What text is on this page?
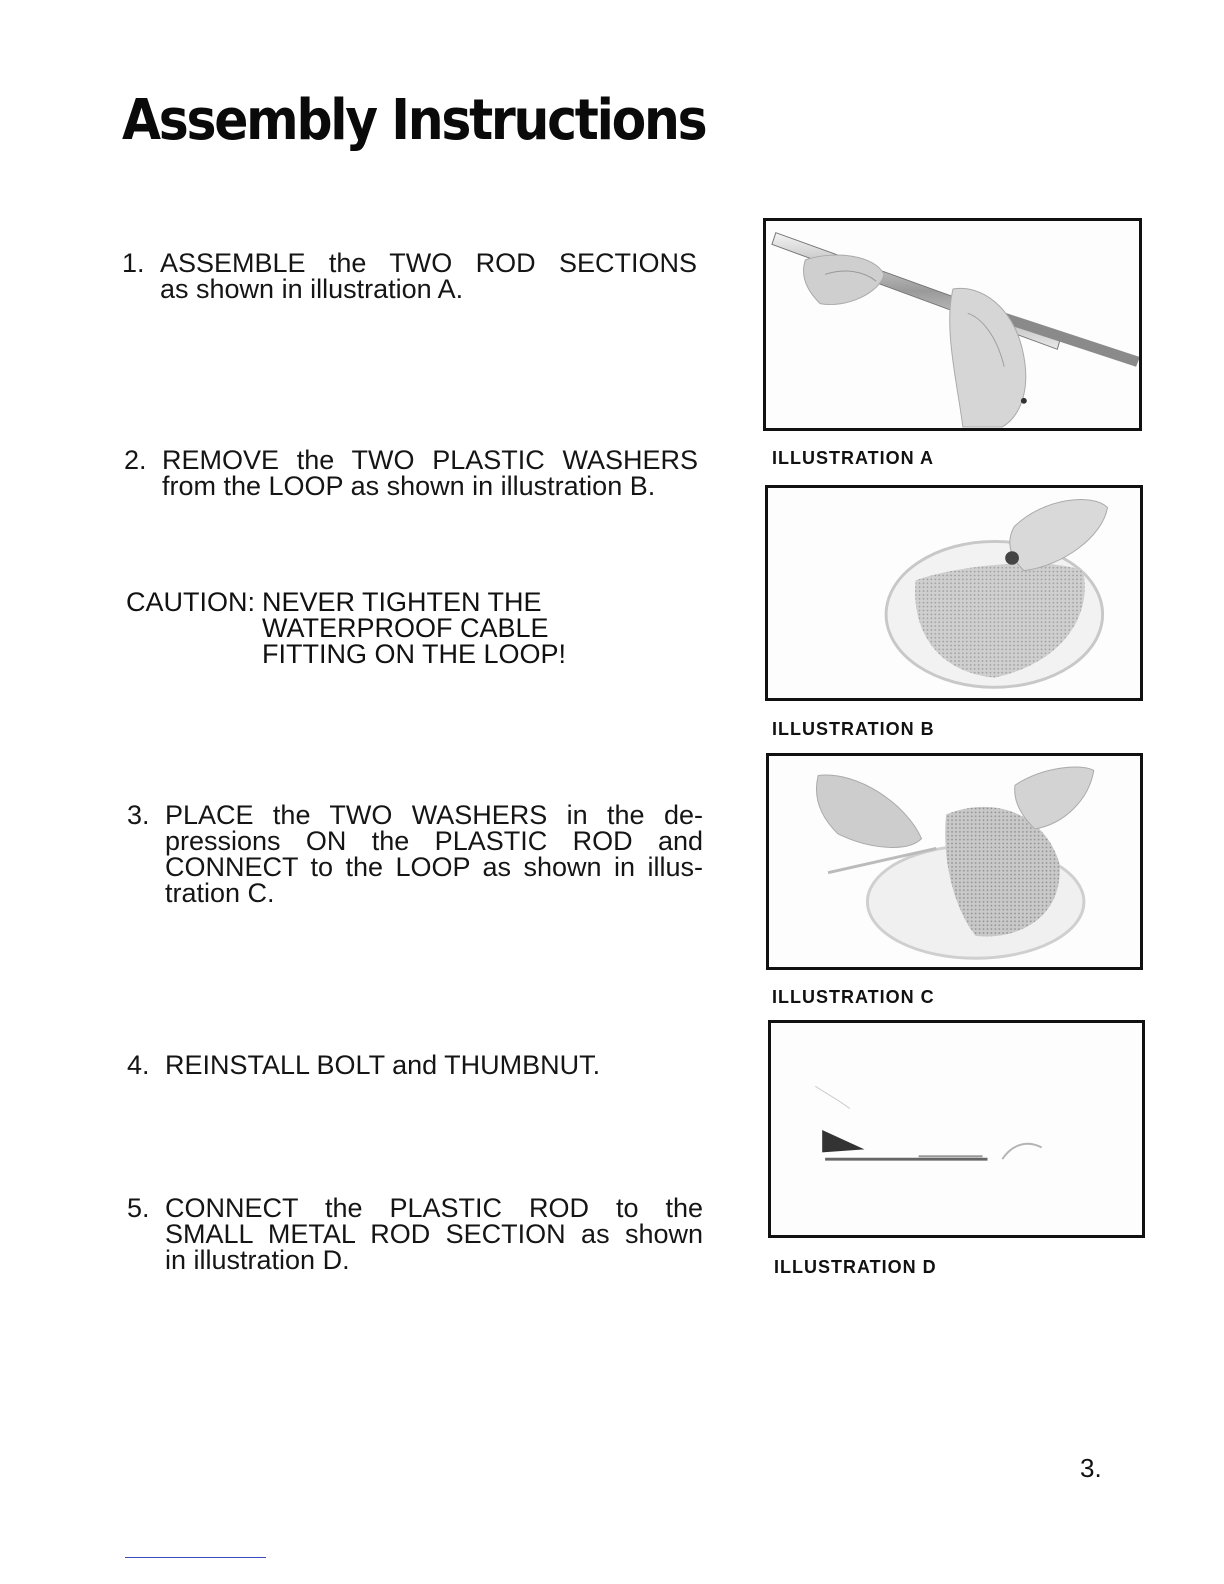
Assembly Instructions
1. ASSEMBLE the TWO ROD SECTIONS
as shown in illustration A.
2. REMOVE the TWO PLASTIC WASHERS
from the LOOP as shown in illustration B.
CAUTION: NEVER TIGHTEN THE
WATERPROOF CABLE
FITTING ON THE LOOP!
3. PLACE the TWO WASHERS in the de-
pressions ON the PLASTIC ROD and
CONNECT to the LOOP as shown in illus-
tration C.
4. REINSTALL BOLT and THUMBNUT.
5. CONNECT the PLASTIC ROD to the
SMALL METAL ROD SECTION as shown
in illustration D.
ILLUSTRATION A
ILLUSTRATION B
ILLUSTRATION C
ILLUSTRATION D
3.
